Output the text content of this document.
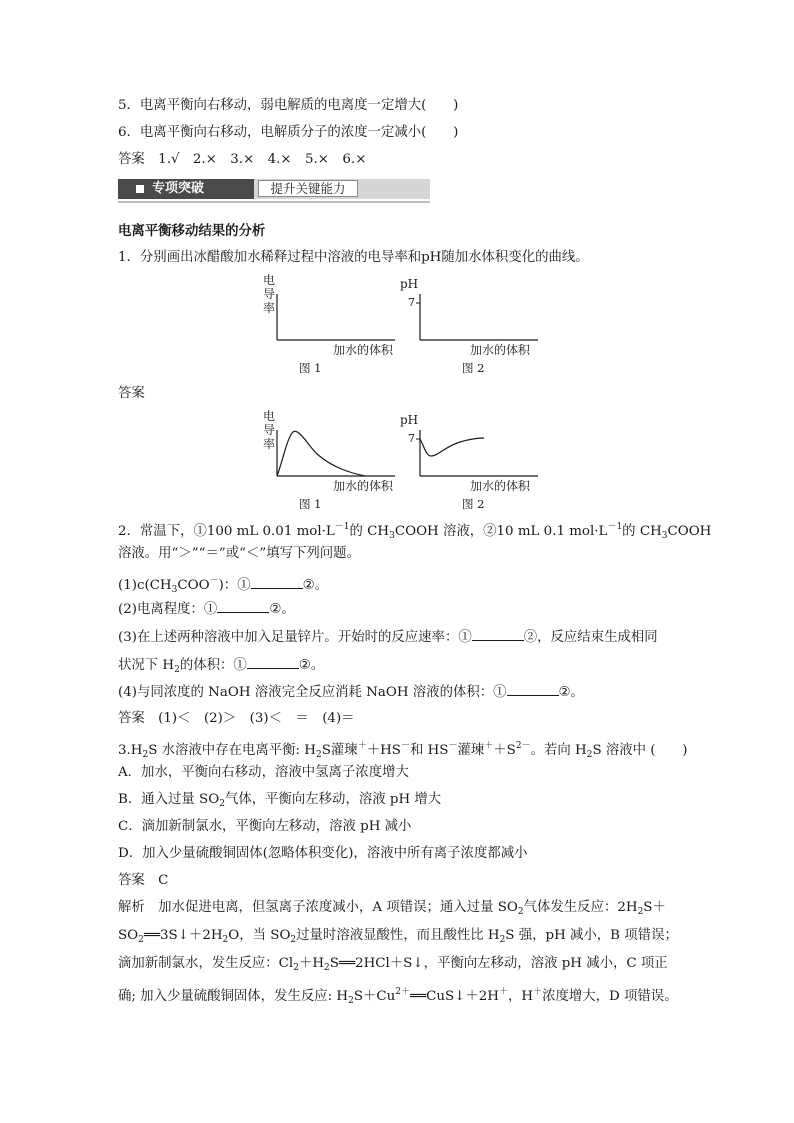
5．电离平衡向右移动，弱电解质的电离度一定增大(　　)
6．电离平衡向右移动，电解质分子的浓度一定减小(　　)
答案　1.√　2.×　3.×　4.×　5.×　6.×
专项突破	提升关键能力
电离平衡移动结果的分析
1．分别画出冰醋酸加水稀释过程中溶液的电导率和pH随加水体积变化的曲线。
电
导
率
加水的体积
图 1
pH
7
加水的体积
图 2
答案
电
导
率
加水的体积
图 1
pH
7
加水的体积
图 2
2．常温下，①100 mL 0.01 $mol\cdot L^{-1}$的 $CH_3COOH$ 溶液，②10 mL 0.1 $mol\cdot L^{-1}$的 $CH_3COOH$
溶液。用“＞”“＝”或“＜”填写下列问题。
$(1)c(CH_3COO^-)$：①	②。
(2)电离程度：①	②。
(3)在上述两种溶液中加入足量锌片。开始时的反应速率：①	②，反应结束生成相同
状况下 $H_2$的体积：①	②。
(4)与同浓度的 NaOH 溶液完全反应消耗 NaOH 溶液的体积：①	②。
答案　(1)＜　(2)＞　(3)＜　＝　(4)＝
$3.H_2S$ 水溶液中存在电离平衡: $H_2S$灌瑓＋＋HS－和 HS－灌瑓$^++S^{2-}$。若向 $H_2S$ 溶液中 (　　)
A．加水，平衡向右移动，溶液中氢离子浓度增大
B．通入过量 $SO_2$气体，平衡向左移动，溶液 pH 增大
C．滴加新制氯水，平衡向左移动，溶液 pH 减小
D．加入少量硫酸铜固体(忽略体积变化)，溶液中所有离子浓度都减小
答案　C
解析　加水促进电离，但氢离子浓度减小，A 项错误；通入过量 $SO_2$气体发生反应：$2H_2S+$
$SO_2══3S↓+2H_2O$，当 $SO_2$过量时溶液显酸性，而且酸性比 $H_2S$ 强，pH 减小，B 项错误；
滴加新制氯水，发生反应：$Cl_2+H_2S══2HCl+S↓$，平衡向左移动，溶液 pH 减小，C 项正
确; 加入少量硫酸铜固体，发生反应: $H_2S+Cu^{2+}══CuS↓+2H^+$，H＋浓度增大，D 项错误。
